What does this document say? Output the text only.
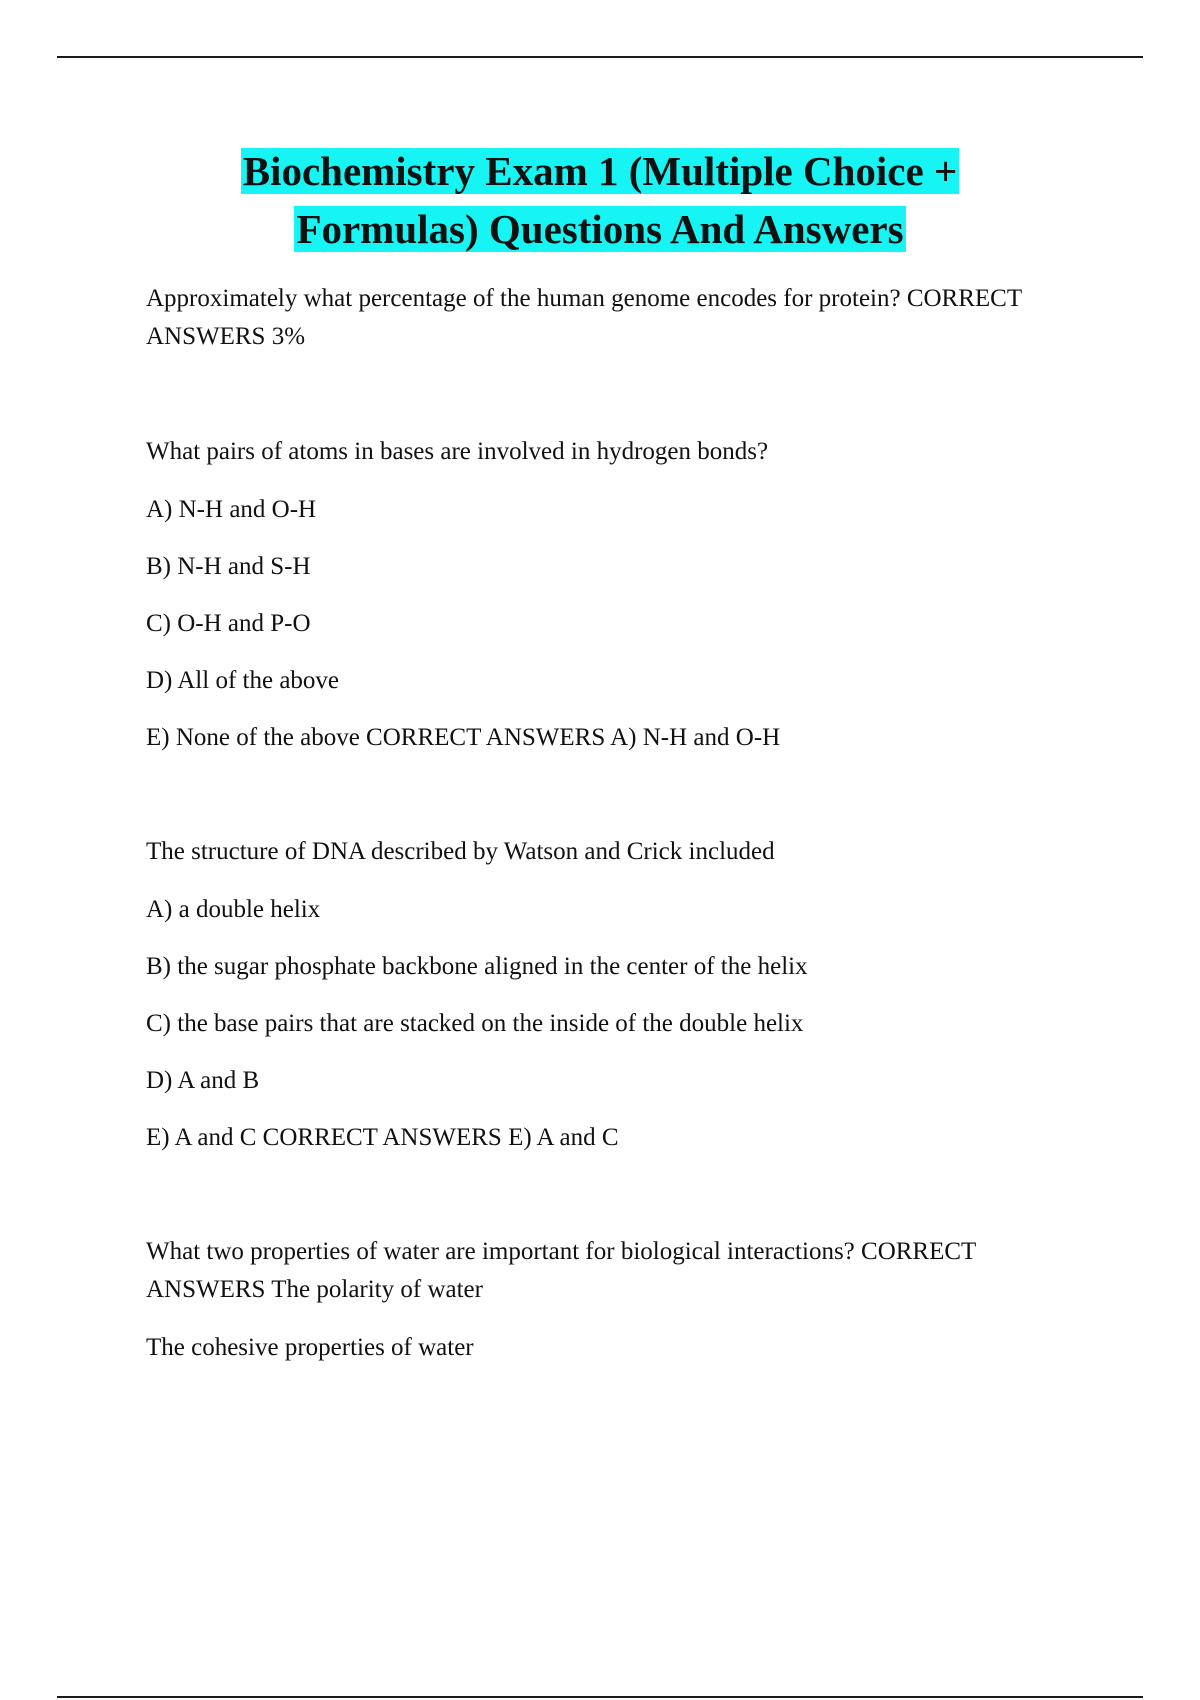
Biochemistry Exam 1 (Multiple Choice +
Formulas) Questions And Answers

Approximately what percentage of the human genome encodes for protein? CORRECT ANSWERS 3%

What pairs of atoms in bases are involved in hydrogen bonds?

A) N-H and O-H

B) N-H and S-H

C) O-H and P-O

D) All of the above

E) None of the above CORRECT ANSWERS A) N-H and O-H

The structure of DNA described by Watson and Crick included

A) a double helix

B) the sugar phosphate backbone aligned in the center of the helix

C) the base pairs that are stacked on the inside of the double helix

D) A and B

E) A and C CORRECT ANSWERS E) A and C

What two properties of water are important for biological interactions? CORRECT ANSWERS The polarity of water

The cohesive properties of water
